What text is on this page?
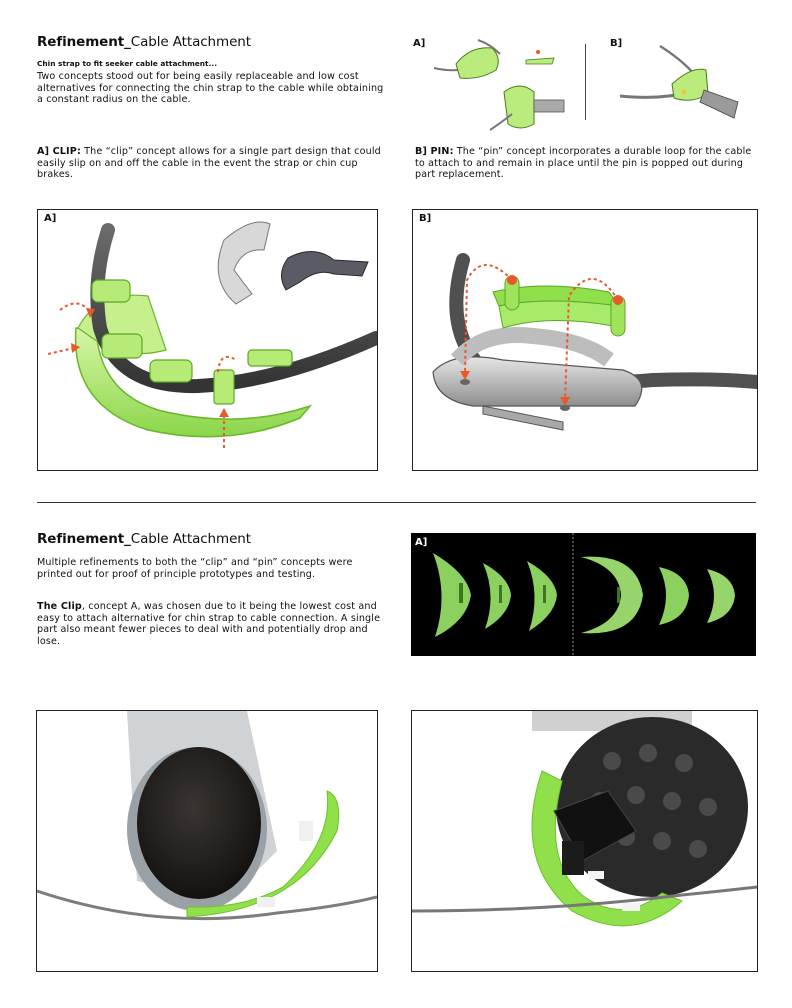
Refinement_Cable Attachment
Chin strap to fit seeker cable attachment...
Two concepts stood out for being easily replaceable and low cost alternatives for connecting the chin strap to the cable while obtaining a constant radius on the cable.
A] CLIP: The “clip” concept allows for a single part design that could easily slip on and off the cable in the event the strap or chin cup brakes.
B] PIN: The “pin” concept incorporates a durable loop for the cable to attach to and remain in place until the pin is popped out during part replacement.
A]	B]
A]	B]
Refinement_Cable Attachment
Multiple refinements to both the “clip” and “pin” concepts were printed out for proof of principle prototypes and testing.
The Clip, concept A, was chosen due to it being the lowest cost and easy to attach alternative for chin strap to cable connection. A single part also meant fewer pieces to deal with and potentially drop and lose.
A]
